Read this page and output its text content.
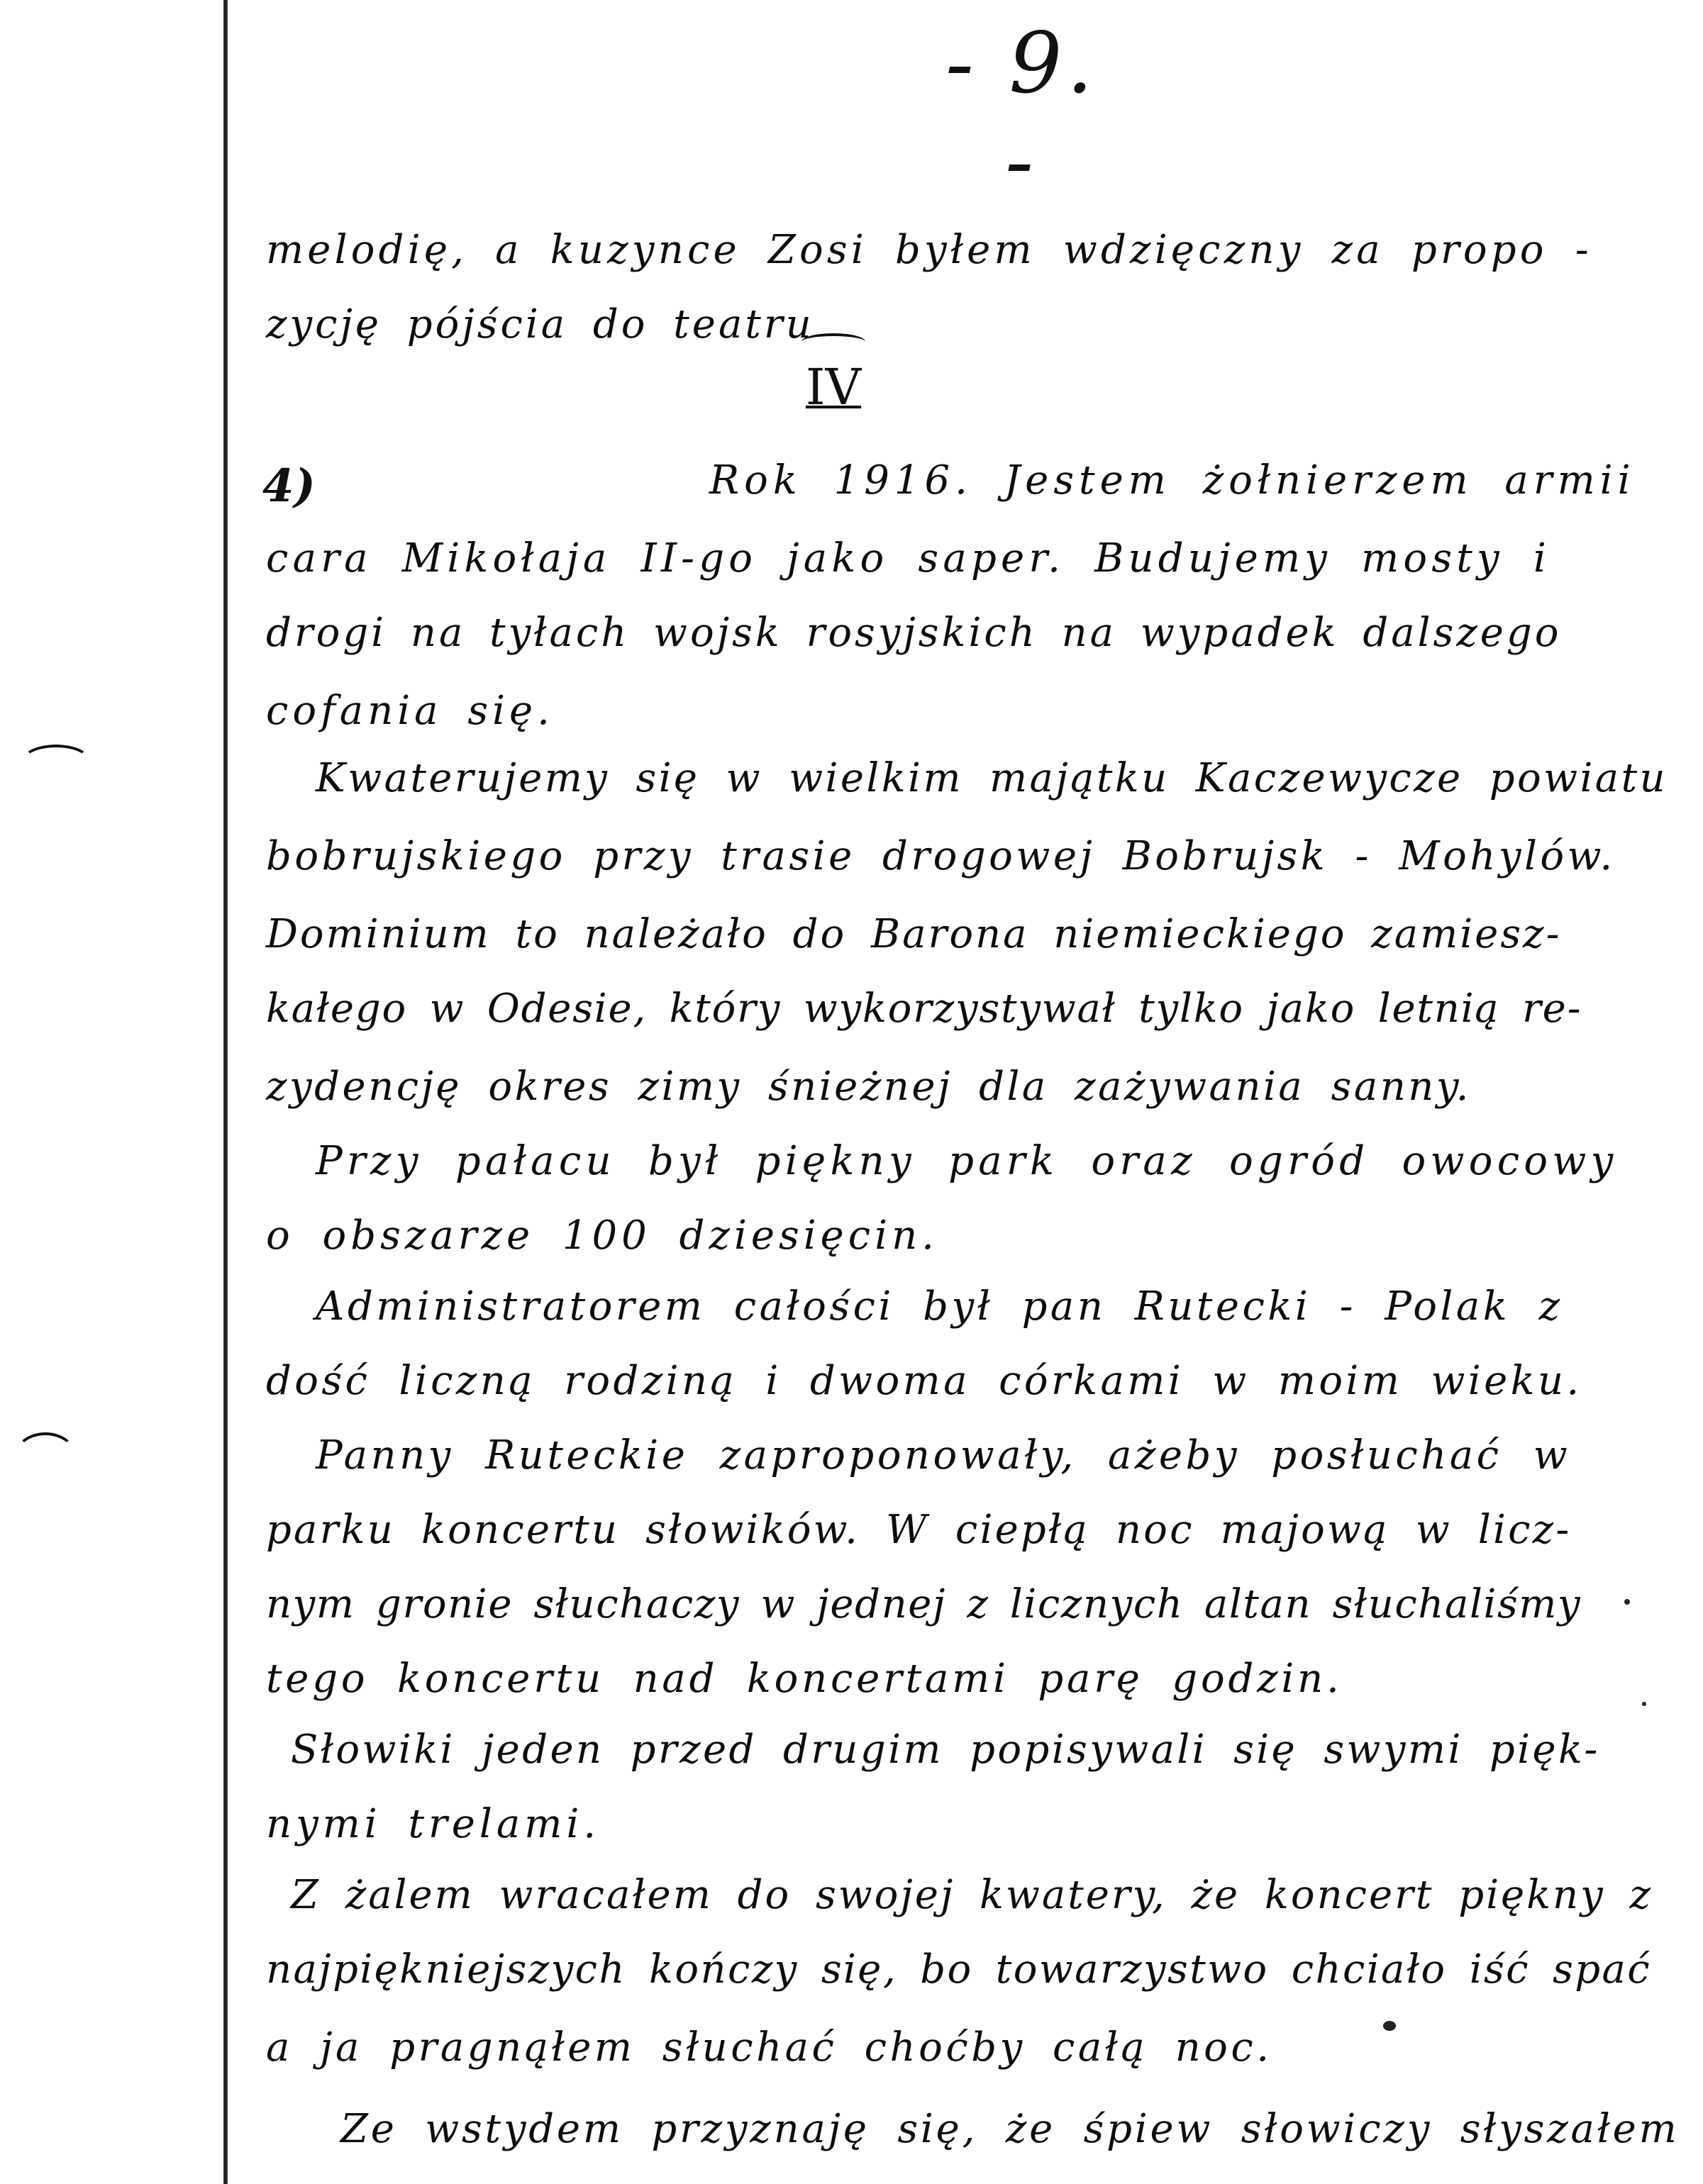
- 9. -
melodię, a kuzynce Zosi byłem wdzięczny za propo -
zycję pójścia do teatru
IV
4)	Rok 1916. Jestem żołnierzem armii
cara Mikołaja II-go jako saper. Budujemy mosty i
drogi na tyłach wojsk rosyjskich na wypadek dalszego
cofania się.
Kwaterujemy się w wielkim majątku Kaczewycze powiatu
bobrujskiego przy trasie drogowej Bobrujsk - Mohylów.
Dominium to należało do Barona niemieckiego zamiesz-
kałego w Odesie, który wykorzystywał tylko jako letnią re-
zydencję okres zimy śnieżnej dla zażywania sanny.
Przy pałacu był piękny park oraz ogród owocowy
o obszarze 100 dziesięcin.
Administratorem całości był pan Rutecki - Polak z
dość liczną rodziną i dwoma córkami w moim wieku.
Panny Ruteckie zaproponowały, ażeby posłuchać w
parku koncertu słowików. W ciepłą noc majową w licz-
nym gronie słuchaczy w jednej z licznych altan słuchaliśmy
tego koncertu nad koncertami parę godzin.
Słowiki jeden przed drugim popisywali się swymi pięk-
nymi trelami.
Z żalem wracałem do swojej kwatery, że koncert piękny z
najpiękniejszych kończy się, bo towarzystwo chciało iść spać
a ja pragnąłem słuchać choćby całą noc.
Ze wstydem przyznaję się, że śpiew słowiczy słyszałem
